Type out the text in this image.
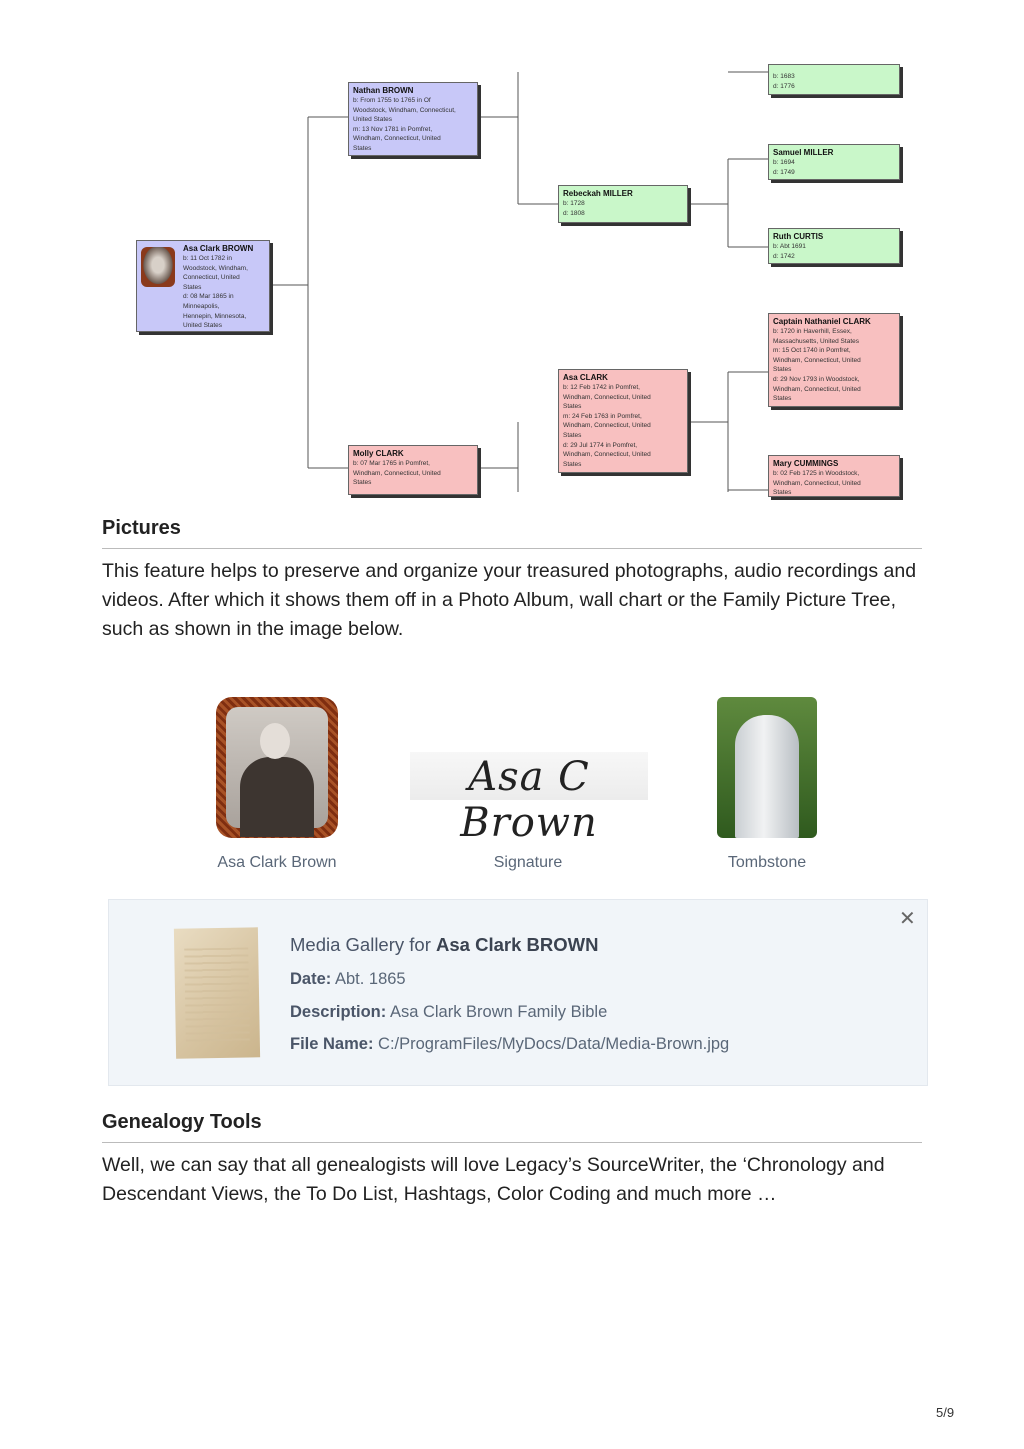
Asa Clark BROWN
b: 11 Oct 1782 in
Woodstock, Windham,
Connecticut, United
States
d: 08 Mar 1865 in
Minneapolis,
Hennepin, Minnesota,
United States
Nathan BROWN
b: From 1755 to 1765 in Of
Woodstock, Windham, Connecticut,
United States
m: 13 Nov 1781 in Pomfret,
Windham, Connecticut, United
States
Molly CLARK
b: 07 Mar 1765 in Pomfret,
Windham, Connecticut, United
States
Rebeckah MILLER
b: 1728
d: 1808
Asa CLARK
b: 12 Feb 1742 in Pomfret,
Windham, Connecticut, United
States
m: 24 Feb 1763 in Pomfret,
Windham, Connecticut, United
States
d: 29 Jul 1774 in Pomfret,
Windham, Connecticut, United
States
b: 1683
d: 1776
Samuel MILLER
b: 1694
d: 1749
Ruth CURTIS
b: Abt 1691
d: 1742
Captain Nathaniel CLARK
b: 1720 in Haverhill, Essex,
Massachusetts, United States
m: 15 Oct 1740 in Pomfret,
Windham, Connecticut, United
States
d: 29 Nov 1793 in Woodstock,
Windham, Connecticut, United
States
Mary CUMMINGS
b: 02 Feb 1725 in Woodstock,
Windham, Connecticut, United
States
Pictures
This feature helps to preserve and organize your treasured photographs, audio recordings and videos. After which it shows them off in a Photo Album, wall chart or the Family Picture Tree, such as shown in the image below.
Asa C Brown
Asa Clark Brown	Signature	Tombstone
✕
Media Gallery for Asa Clark BROWN
Date: Abt. 1865
Description: Asa Clark Brown Family Bible
File Name: C:/ProgramFiles/MyDocs/Data/Media-Brown.jpg
Genealogy Tools
Well, we can say that all genealogists will love Legacy’s SourceWriter, the ‘Chronology and Descendant Views, the To Do List, Hashtags, Color Coding and much more …
5/9
